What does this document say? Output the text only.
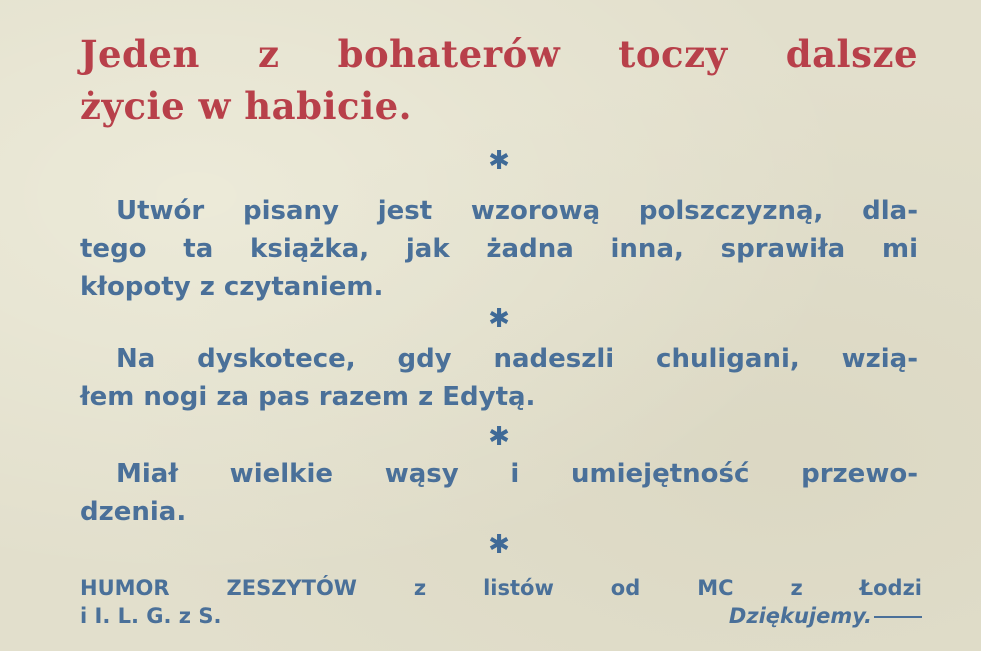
Jeden z bohaterów toczy dalsze
życie w habicie.
✱
Utwór pisany jest wzorową polszczyzną, dla-
tego ta książka, jak żadna inna, sprawiła mi
kłopoty z czytaniem.
✱
Na dyskotece, gdy nadeszli chuligani, wzią-
łem nogi za pas razem z Edytą.
✱
Miał wielkie wąsy i umiejętność przewo-
dzenia.
✱
HUMOR ZESZYTÓW z listów od MC z Łodzi
i I. L. G. z S.	Dziękujemy.
